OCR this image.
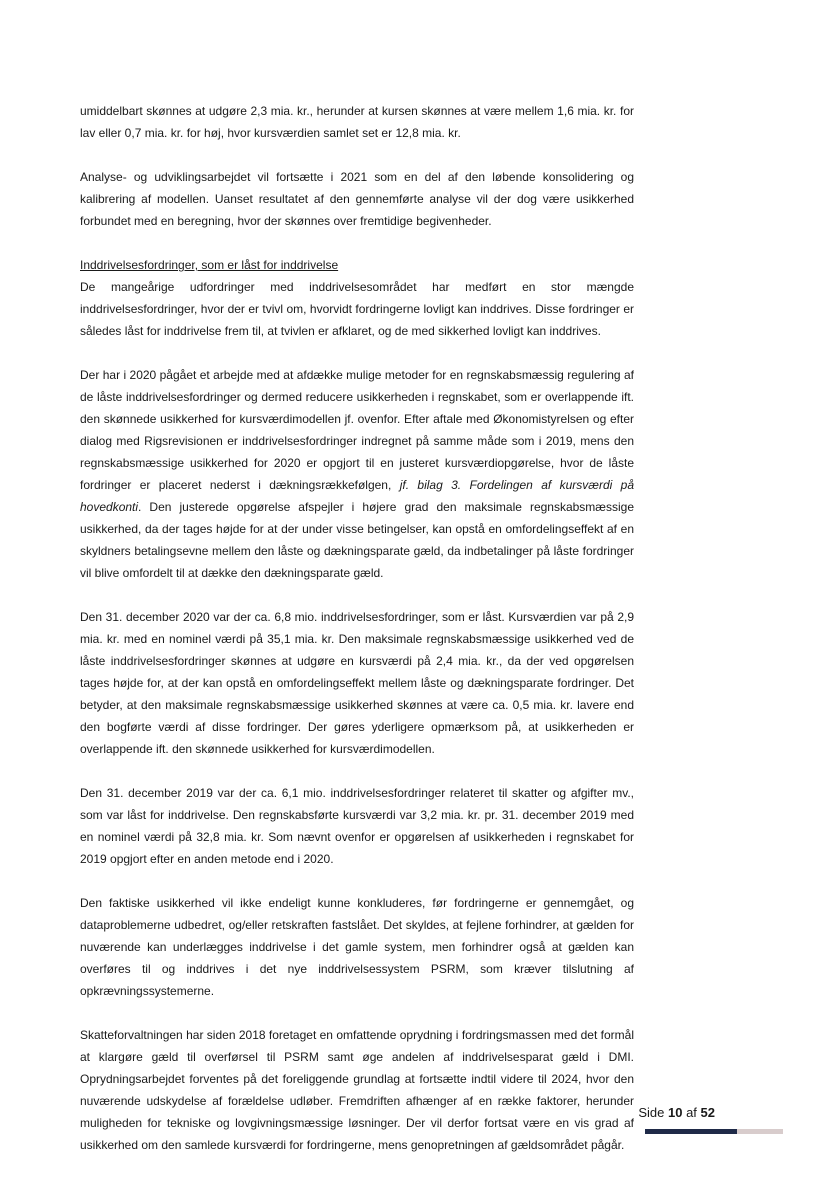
umiddelbart skønnes at udgøre 2,3 mia. kr., herunder at kursen skønnes at være mellem 1,6 mia. kr. for lav eller 0,7 mia. kr. for høj, hvor kursværdien samlet set er 12,8 mia. kr.

Analyse- og udviklingsarbejdet vil fortsætte i 2021 som en del af den løbende konsolidering og kalibrering af modellen. Uanset resultatet af den gennemførte analyse vil der dog være usikkerhed forbundet med en beregning, hvor der skønnes over fremtidige begivenheder.

Inddrivelsesfordringer, som er låst for inddrivelse
De mangeårige udfordringer med inddrivelsesområdet har medført en stor mængde inddrivelsesfordringer, hvor der er tvivl om, hvorvidt fordringerne lovligt kan inddrives. Disse fordringer er således låst for inddrivelse frem til, at tvivlen er afklaret, og de med sikkerhed lovligt kan inddrives.

Der har i 2020 pågået et arbejde med at afdække mulige metoder for en regnskabsmæssig regulering af de låste inddrivelsesfordringer og dermed reducere usikkerheden i regnskabet, som er overlappende ift. den skønnede usikkerhed for kursværdimodellen jf. ovenfor. Efter aftale med Økonomistyrelsen og efter dialog med Rigsrevisionen er inddrivelsesfordringer indregnet på samme måde som i 2019, mens den regnskabsmæssige usikkerhed for 2020 er opgjort til en justeret kursværdiopgørelse, hvor de låste fordringer er placeret nederst i dækningsrækkefølgen, jf. bilag 3. Fordelingen af kursværdi på hovedkonti. Den justerede opgørelse afspejler i højere grad den maksimale regnskabsmæssige usikkerhed, da der tages højde for at der under visse betingelser, kan opstå en omfordelingseffekt af en skyldners betalingsevne mellem den låste og dækningsparate gæld, da indbetalinger på låste fordringer vil blive omfordelt til at dække den dækningsparate gæld.

Den 31. december 2020 var der ca. 6,8 mio. inddrivelsesfordringer, som er låst. Kursværdien var på 2,9 mia. kr. med en nominel værdi på 35,1 mia. kr. Den maksimale regnskabsmæssige usikkerhed ved de låste inddrivelsesfordringer skønnes at udgøre en kursværdi på 2,4 mia. kr., da der ved opgørelsen tages højde for, at der kan opstå en omfordelingseffekt mellem låste og dækningsparate fordringer. Det betyder, at den maksimale regnskabsmæssige usikkerhed skønnes at være ca. 0,5 mia. kr. lavere end den bogførte værdi af disse fordringer. Der gøres yderligere opmærksom på, at usikkerheden er overlappende ift. den skønnede usikkerhed for kursværdimodellen.

Den 31. december 2019 var der ca. 6,1 mio. inddrivelsesfordringer relateret til skatter og afgifter mv., som var låst for inddrivelse. Den regnskabsførte kursværdi var 3,2 mia. kr. pr. 31. december 2019 med en nominel værdi på 32,8 mia. kr. Som nævnt ovenfor er opgørelsen af usikkerheden i regnskabet for 2019 opgjort efter en anden metode end i 2020.

Den faktiske usikkerhed vil ikke endeligt kunne konkluderes, før fordringerne er gennemgået, og dataproblemerne udbedret, og/eller retskraften fastslået. Det skyldes, at fejlene forhindrer, at gælden for nuværende kan underlægges inddrivelse i det gamle system, men forhindrer også at gælden kan overføres til og inddrives i det nye inddrivelsessystem PSRM, som kræver tilslutning af opkrævningssystemerne.

Skatteforvaltningen har siden 2018 foretaget en omfattende oprydning i fordringsmassen med det formål at klargøre gæld til overførsel til PSRM samt øge andelen af inddrivelsesparat gæld i DMI. Oprydningsarbejdet forventes på det foreliggende grundlag at fortsætte indtil videre til 2024, hvor den nuværende udskydelse af forældelse udløber. Fremdriften afhænger af en række faktorer, herunder muligheden for tekniske og lovgivningsmæssige løsninger. Der vil derfor fortsat være en vis grad af usikkerhed om den samlede kursværdi for fordringerne, mens genopretningen af gældsområdet pågår.

Side 10 af 52
